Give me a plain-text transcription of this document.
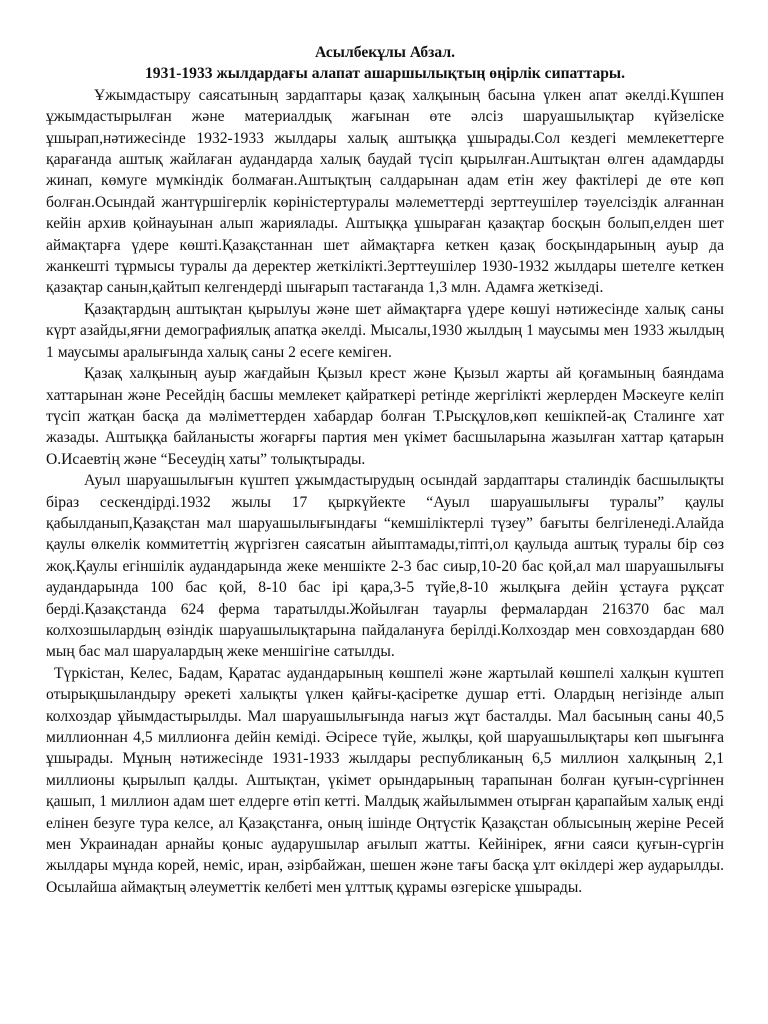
Асылбекұлы Абзал.

1931-1933 жылдардағы алапат ашаршылықтың өңірлік сипаттары.

Ұжымдастыру саясатының зардаптары қазақ халқының басына үлкен апат әкелді.Күшпен ұжымдастырылған және материалдық жағынан өте әлсіз шаруашылықтар күйзеліске ұшырап,нәтижесінде 1932-1933 жылдары халық аштыққа ұшырады.Сол кездегі мемлекеттерге қарағанда аштық жайлаған аудандарда халық баудай түсіп қырылған.Аштықтан өлген адамдарды жинап, көмуге мүмкіндік болмаған.Аштықтың салдарынан адам етін жеу фактілері де өте көп болған.Осындай жантүршігерлік көріністертуралы мәлеметтерді зерттеушілер тәуелсіздік алғаннан кейін архив қойнауынан алып жариялады. Аштыққа ұшыраған қазақтар босқын болып,елден шет аймақтарға үдере көшті.Қазақстаннан шет аймақтарға кеткен қазақ босқындарының ауыр да жанкешті тұрмысы туралы да деректер жеткілікті.Зерттеушілер 1930-1932 жылдары шетелге кеткен қазақтар санын,қайтып келгендерді шығарып тастағанда 1,3 млн. Адамға жеткізеді.

Қазақтардың аштықтан қырылуы және шет аймақтарға үдере көшуі нәтижесінде халық саны күрт азайды,яғни демографиялық апатқа әкелді. Мысалы,1930 жылдың 1 маусымы мен 1933 жылдың 1 маусымы аралығында халық саны 2 есеге кеміген.

Қазақ халқының ауыр жағдайын Қызыл крест және Қызыл жарты ай қоғамының баяндама хаттарынан және Ресейдің басшы мемлекет қайраткері ретінде жергілікті жерлерден Мәскеуге келіп түсіп жатқан басқа да мәліметтерден хабардар болған Т.Рысқұлов,көп кешікпей-ақ Сталинге хат жазады. Аштыққа байланысты жоғарғы партия мен үкімет басшыларына жазылған хаттар қатарын О.Исаевтің және “Бесеудің хаты” толықтырады.

Ауыл шаруашылығын күштеп ұжымдастырудың осындай зардаптары сталиндік басшылықты біраз сескендірді.1932 жылы 17 қыркүйекте “Ауыл шаруашылығы туралы” қаулы қабылданып,Қазақстан мал шаруашылығындағы “кемшіліктерлі түзеу” бағыты белгіленеді.Алайда қаулы өлкелік коммитеттің жүргізген саясатын айыптамады,тіпті,ол қаулыда аштық туралы бір сөз жоқ.Қаулы егіншілік аудандарында жеке меншікте 2-3 бас сиыр,10-20 бас қой,ал мал шаруашылығы аудандарында 100 бас қой, 8-10 бас ірі қара,3-5 түйе,8-10 жылқыға дейін ұстауға рұқсат берді.Қазақстанда 624 ферма таратылды.Жойылған тауарлы фермалардан 216370 бас мал колхозшылардың өзіндік шаруашылықтарына пайдалануға берілді.Колхоздар мен совхоздардан 680 мың бас мал шаруалардың жеке меншігіне сатылды.

Түркістан, Келес, Бадам, Қаратас аудандарының көшпелі және жартылай көшпелі халқын күштеп отырықшыландыру әрекеті халықты үлкен қайғы-қасіретке душар етті. Олардың негізінде алып колхоздар ұйымдастырылды. Мал шаруашылығында нағыз жұт басталды. Мал басының саны 40,5 миллионнан 4,5 миллионға дейін кеміді. Әсіресе түйе, жылқы, қой шаруашылықтары көп шығынға ұшырады. Мұның нәтижесінде 1931-1933 жылдары республиканың 6,5 миллион халқының 2,1 миллионы қырылып қалды. Аштықтан, үкімет орындарының тарапынан болған қуғын-сүргіннен қашып, 1 миллион адам шет елдерге өтіп кетті. Малдық жайылыммен отырған қарапайым халық енді елінен безуге тура келсе, ал Қазақстанға, оның ішінде Оңтүстік Қазақстан облысының жеріне Ресей мен Украинадан арнайы қоныс аударушылар ағылып жатты. Кейінірек, яғни саяси қуғын-сүргін жылдары мұнда корей, неміс, иран, әзірбайжан, шешен және тағы басқа ұлт өкілдері жер аударылды. Осылайша аймақтың әлеуметтік келбеті мен ұлттық құрамы өзгеріске ұшырады.
